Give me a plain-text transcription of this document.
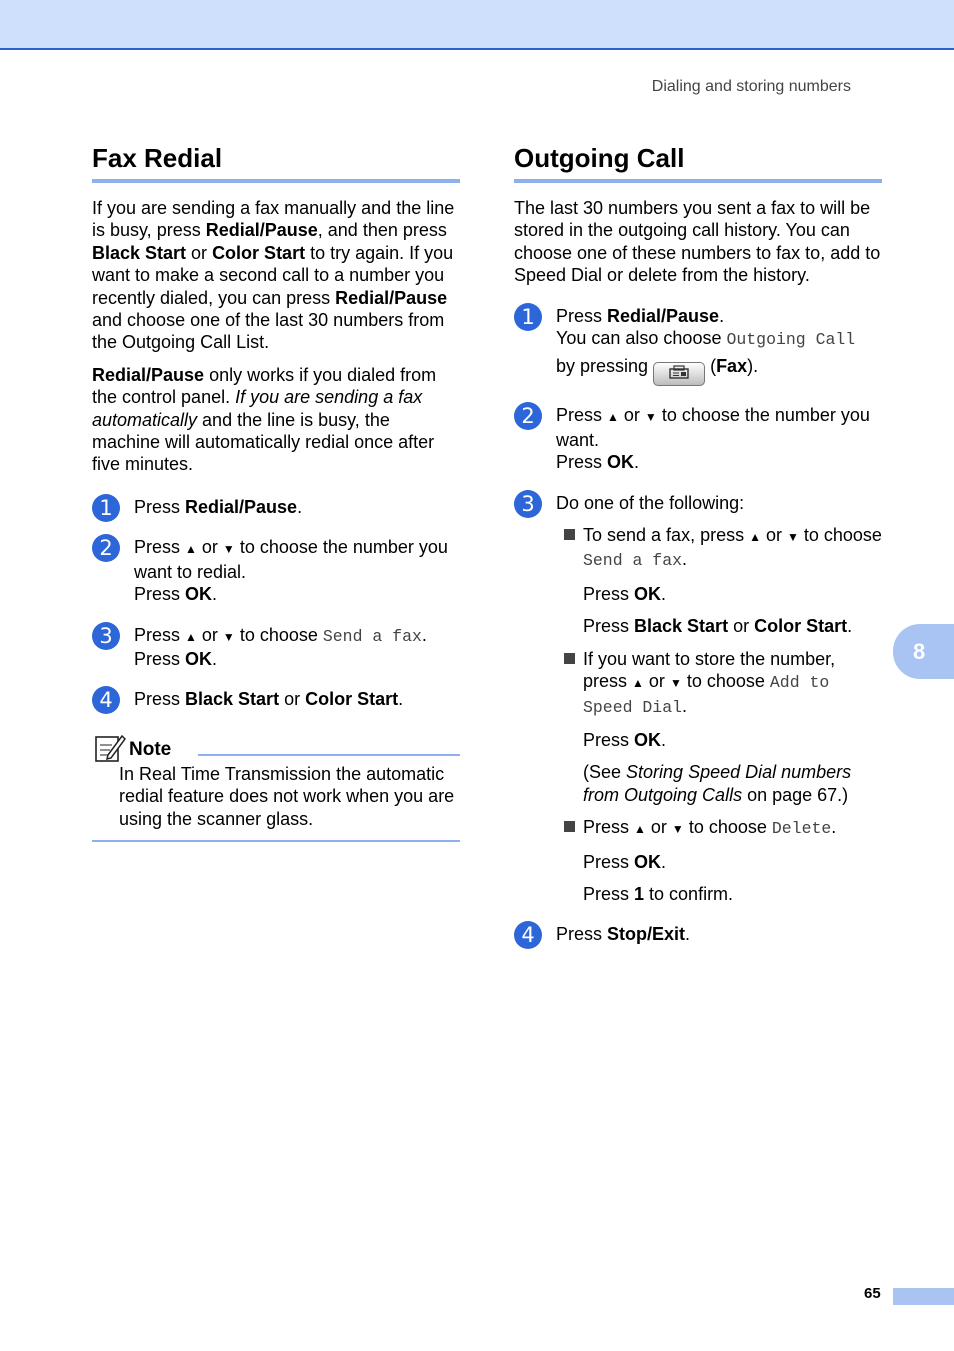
Dialing and storing numbers
Fax Redial

If you are sending a fax manually and the line is busy, press Redial/Pause, and then press Black Start or Color Start to try again. If you want to make a second call to a number you recently dialed, you can press Redial/Pause and choose one of the last 30 numbers from the Outgoing Call List.

Redial/Pause only works if you dialed from the control panel. If you are sending a fax automatically and the line is busy, the machine will automatically redial once after five minutes.

1	Press Redial/Pause.
2	Press ▲ or ▼ to choose the number you want to redial.
Press OK.
3	Press ▲ or ▼ to choose Send a fax.
Press OK.
4	Press Black Start or Color Start.
Note
In Real Time Transmission the automatic redial feature does not work when you are using the scanner glass.
Outgoing Call

The last 30 numbers you sent a fax to will be stored in the outgoing call history. You can choose one of these numbers to fax to, add to Speed Dial or delete from the history.

1	Press Redial/Pause.
You can also choose Outgoing Call
by pressing	(Fax).
2	Press ▲ or ▼ to choose the number you want.
Press OK.
3	Do one of the following:

To send a fax, press ▲ or ▼ to choose Send a fax.

Press OK.

Press Black Start or Color Start.

If you want to store the number, press ▲ or ▼ to choose Add to Speed Dial.

Press OK.

(See Storing Speed Dial numbers from Outgoing Calls on page 67.)

Press ▲ or ▼ to choose Delete.

Press OK.

Press 1 to confirm.

4	Press Stop/Exit.
8
65
